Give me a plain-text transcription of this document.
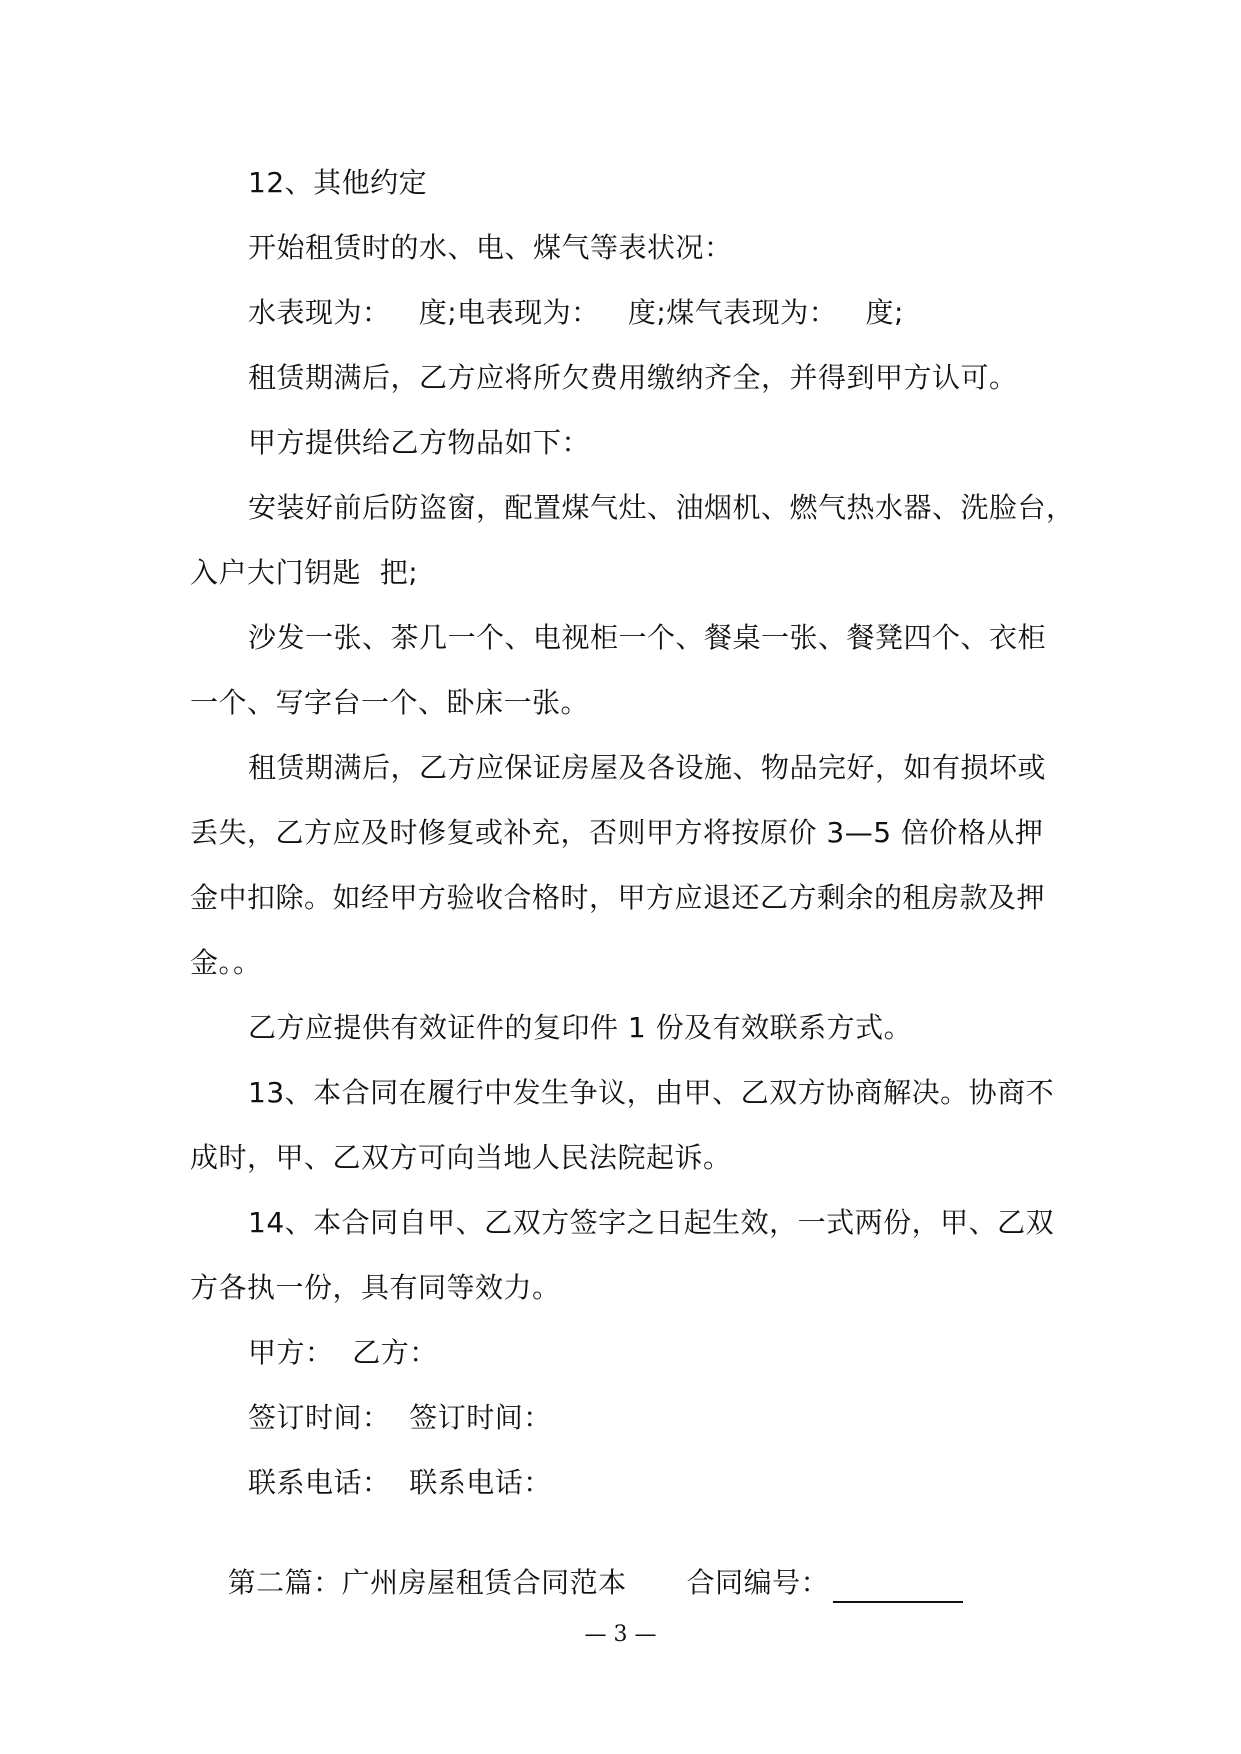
12、其他约定
开始租赁时的水、电、煤气等表状况：
水表现为：   度;电表现为：   度;煤气表现为：   度;
租赁期满后，乙方应将所欠费用缴纳齐全，并得到甲方认可。
甲方提供给乙方物品如下：
安装好前后防盗窗，配置煤气灶、油烟机、燃气热水器、洗脸台，
入户大门钥匙  把;
沙发一张、茶几一个、电视柜一个、餐桌一张、餐凳四个、衣柜
一个、写字台一个、卧床一张。
租赁期满后，乙方应保证房屋及各设施、物品完好，如有损坏或
丢失，乙方应及时修复或补充，否则甲方将按原价 3—5 倍价格从押
金中扣除。如经甲方验收合格时，甲方应退还乙方剩余的租房款及押
金。。
乙方应提供有效证件的复印件 1 份及有效联系方式。
13、本合同在履行中发生争议，由甲、乙双方协商解决。协商不
成时，甲、乙双方可向当地人民法院起诉。
14、本合同自甲、乙双方签字之日起生效，一式两份，甲、乙双
方各执一份，具有同等效力。
甲方：  乙方：
签订时间：  签订时间：
联系电话：  联系电话：

第二篇：广州房屋租赁合同范本 合同编号：

— 3 —
